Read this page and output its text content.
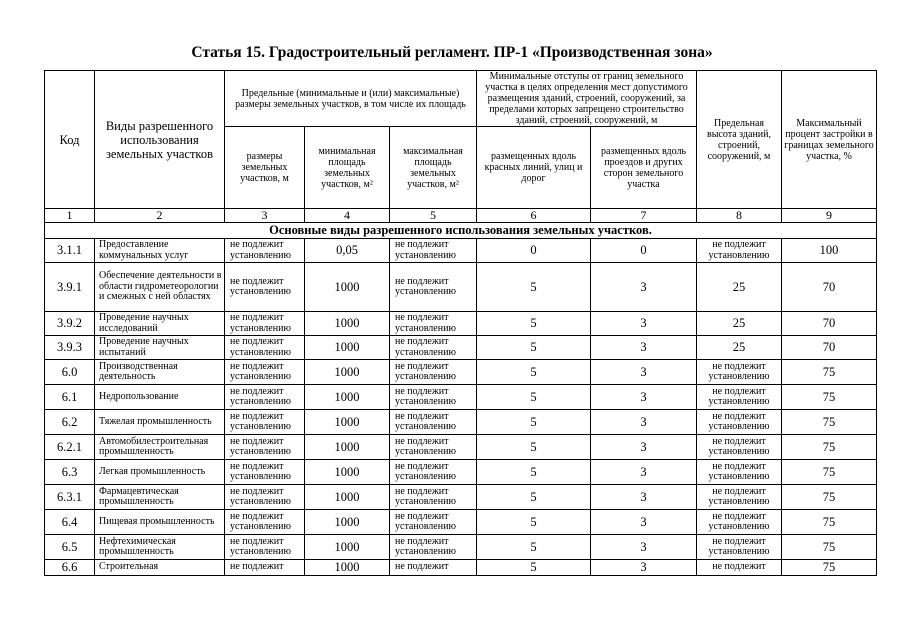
Статья 15. Градостроительный регламент. ПР-1 «Производственная зона»
Код	Виды разрешенного использования земельных участков	Предельные (минимальные и (или) максимальные) размеры земельных участков, в том числе их площадь			Минимальные отступы от границ земельного участка в целях определения мест допустимого размещения зданий, строений, сооружений, за пределами которых запрещено строительство зданий, строений, сооружений, м		Предельная высота зданий, строений, сооружений, м	Максимальный процент застройки в границах земельного участка, %
		размеры земельных участков, м	минимальная площадь земельных участков, м²	максимальная площадь земельных участков, м²	размещенных вдоль красных линий, улиц и дорог	размещенных вдоль проездов и других сторон земельного участка		
1	2	3	4	5	6	7	8	9
Основные виды разрешенного использования земельных участков.								
3.1.1	Предоставление коммунальных услуг	не подлежит установлению	0,05	не подлежит установлению	0	0	не подлежит установлению	100
3.9.1	Обеспечение деятельности в области гидрометеорологии и смежных с ней областях	не подлежит установлению	1000	не подлежит установлению	5	3	25	70
3.9.2	Проведение научных исследований	не подлежит установлению	1000	не подлежит установлению	5	3	25	70
3.9.3	Проведение научных испытаний	не подлежит установлению	1000	не подлежит установлению	5	3	25	70
6.0	Производственная деятельность	не подлежит установлению	1000	не подлежит установлению	5	3	не подлежит установлению	75
6.1	Недропользование	не подлежит установлению	1000	не подлежит установлению	5	3	не подлежит установлению	75
6.2	Тяжелая промышленность	не подлежит установлению	1000	не подлежит установлению	5	3	не подлежит установлению	75
6.2.1	Автомобилестроительная промышленность	не подлежит установлению	1000	не подлежит установлению	5	3	не подлежит установлению	75
6.3	Легкая промышленность	не подлежит установлению	1000	не подлежит установлению	5	3	не подлежит установлению	75
6.3.1	Фармацевтическая промышленность	не подлежит установлению	1000	не подлежит установлению	5	3	не подлежит установлению	75
6.4	Пищевая промышленность	не подлежит установлению	1000	не подлежит установлению	5	3	не подлежит установлению	75
6.5	Нефтехимическая промышленность	не подлежит установлению	1000	не подлежит установлению	5	3	не подлежит установлению	75
6.6	Строительная	не подлежит	1000	не подлежит	5	3	не подлежит	75
